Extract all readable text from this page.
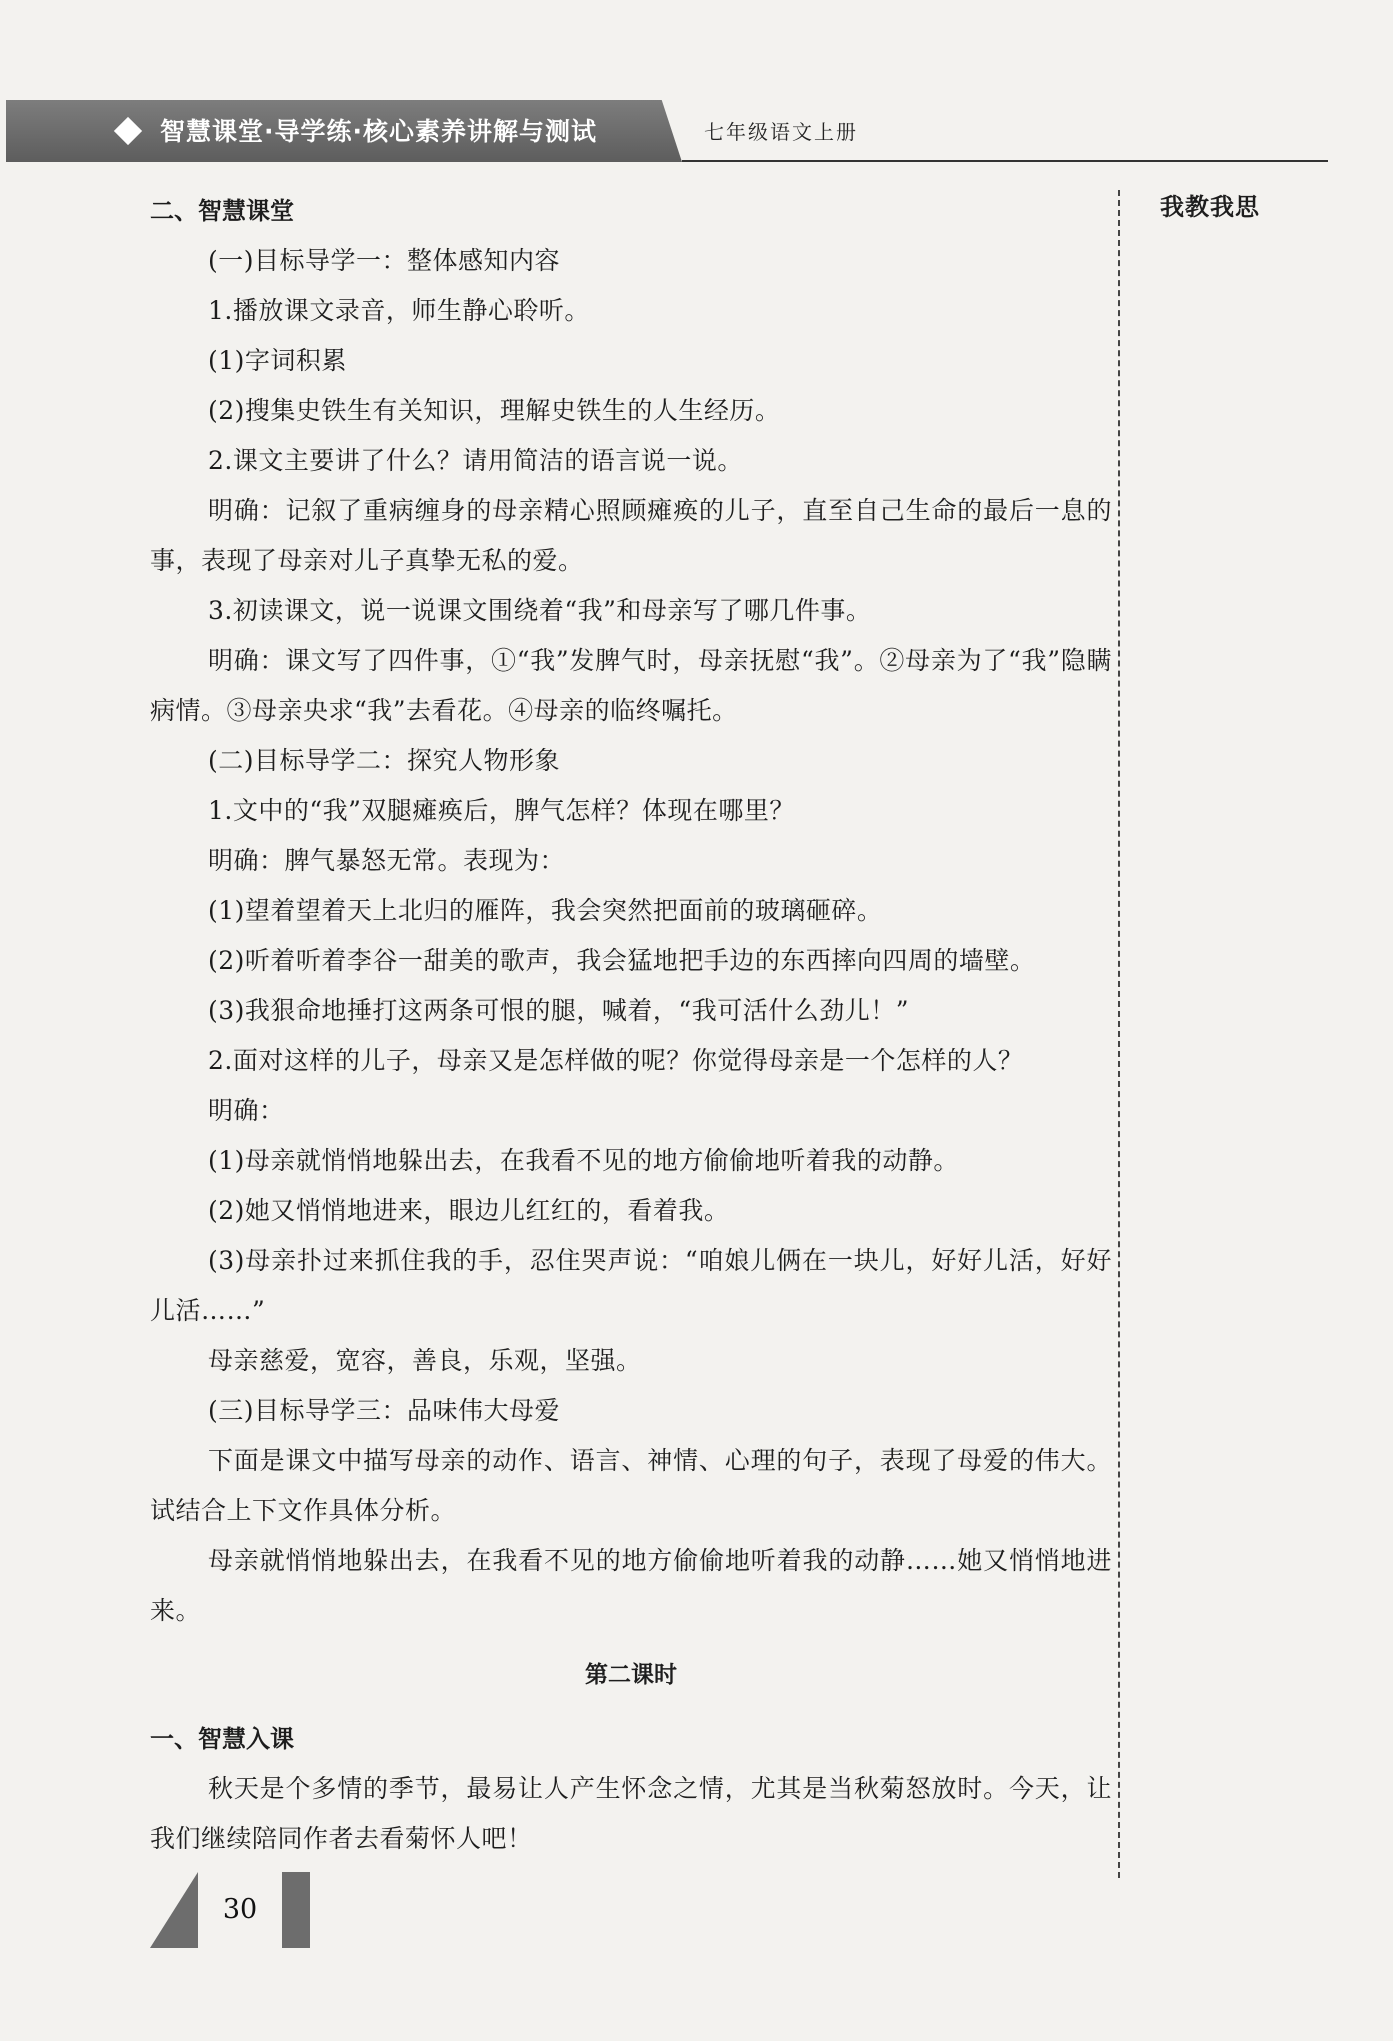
智慧课堂·导学练·核心素养讲解与测试	七年级语文上册
我教我思

二、智慧课堂

(一)目标导学一：整体感知内容

1.播放课文录音，师生静心聆听。

(1)字词积累

(2)搜集史铁生有关知识，理解史铁生的人生经历。

2.课文主要讲了什么？请用简洁的语言说一说。

明确：记叙了重病缠身的母亲精心照顾瘫痪的儿子，直至自己生命的最后一息的事，表现了母亲对儿子真挚无私的爱。

3.初读课文，说一说课文围绕着“我”和母亲写了哪几件事。

明确：课文写了四件事，①“我”发脾气时，母亲抚慰“我”。②母亲为了“我”隐瞒病情。③母亲央求“我”去看花。④母亲的临终嘱托。

(二)目标导学二：探究人物形象

1.文中的“我”双腿瘫痪后，脾气怎样？体现在哪里？

明确：脾气暴怒无常。表现为：

(1)望着望着天上北归的雁阵，我会突然把面前的玻璃砸碎。

(2)听着听着李谷一甜美的歌声，我会猛地把手边的东西摔向四周的墙壁。

(3)我狠命地捶打这两条可恨的腿，喊着，“我可活什么劲儿！”

2.面对这样的儿子，母亲又是怎样做的呢？你觉得母亲是一个怎样的人？

明确：

(1)母亲就悄悄地躲出去，在我看不见的地方偷偷地听着我的动静。

(2)她又悄悄地进来，眼边儿红红的，看着我。

(3)母亲扑过来抓住我的手，忍住哭声说：“咱娘儿俩在一块儿，好好儿活，好好儿活……”

母亲慈爱，宽容，善良，乐观，坚强。

(三)目标导学三：品味伟大母爱

下面是课文中描写母亲的动作、语言、神情、心理的句子，表现了母爱的伟大。试结合上下文作具体分析。

母亲就悄悄地躲出去，在我看不见的地方偷偷地听着我的动静……她又悄悄地进来。

第二课时

一、智慧入课

秋天是个多情的季节，最易让人产生怀念之情，尤其是当秋菊怒放时。今天，让我们继续陪同作者去看菊怀人吧！

30
